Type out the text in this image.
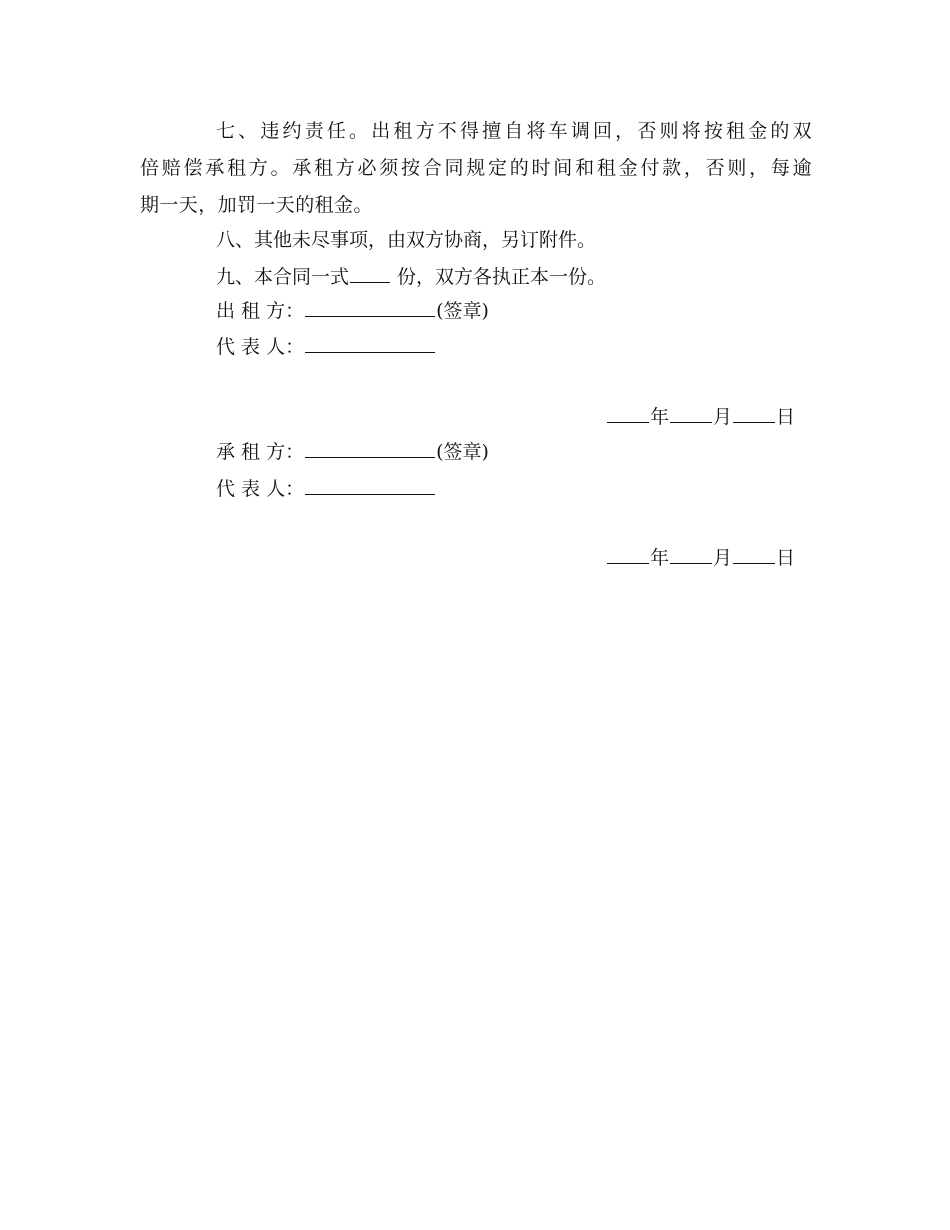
七、违约责任。出租方不得擅自将车调回，否则将按租金的双
倍赔偿承租方。承租方必须按合同规定的时间和租金付款，否则，每逾
期一天，加罚一天的租金。
八、其他未尽事项，由双方协商，另订附件。
九、本合同一式 份，双方各执正本一份。
出 租 方：	(签章)
代 表 人：
年 月 日
承 租 方：	(签章)
代 表 人：
年 月 日
